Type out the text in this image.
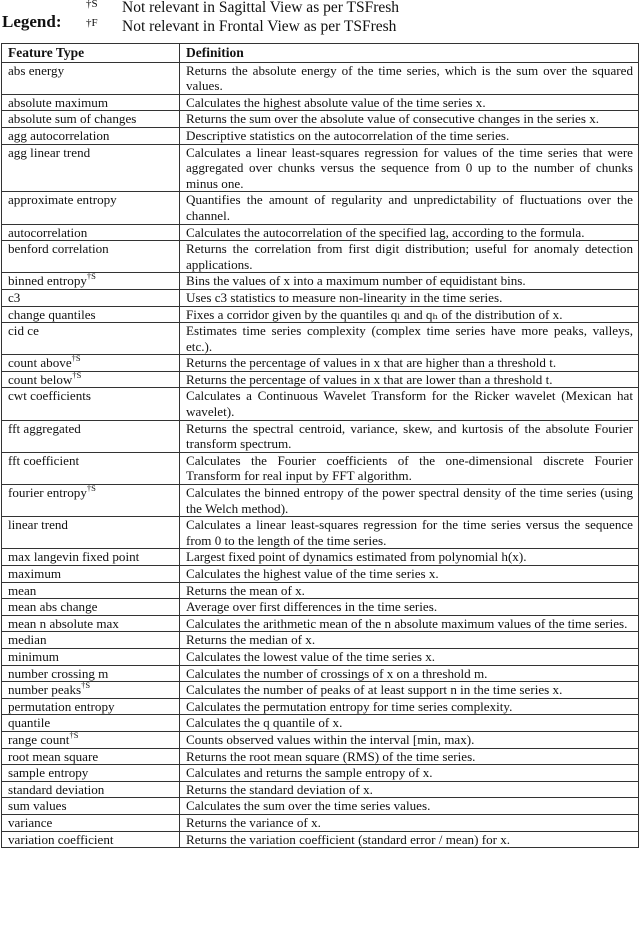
Legend:
†S Not relevant in Sagittal View as per TSFresh
†F Not relevant in Frontal View as per TSFresh
Feature Type	Definition
abs energy	Returns the absolute energy of the time series, which is the sum over the squared values.
absolute maximum	Calculates the highest absolute value of the time series x.
absolute sum of changes	Returns the sum over the absolute value of consecutive changes in the series x.
agg autocorrelation	Descriptive statistics on the autocorrelation of the time series.
agg linear trend	Calculates a linear least-squares regression for values of the time series that were aggregated over chunks versus the sequence from 0 up to the number of chunks minus one.
approximate entropy	Quantifies the amount of regularity and unpredictability of fluctuations over the channel.
autocorrelation	Calculates the autocorrelation of the specified lag, according to the formula.
benford correlation	Returns the correlation from first digit distribution; useful for anomaly detection applications.
binned entropy$^{\dagger S}$	Bins the values of x into a maximum number of equidistant bins.
c3	Uses c3 statistics to measure non-linearity in the time series.
change quantiles	Fixes a corridor given by the quantiles qₗ and qₕ of the distribution of x.
cid ce	Estimates time series complexity (complex time series have more peaks, valleys, etc.).
count above$^{\dagger S}$	Returns the percentage of values in x that are higher than a threshold t.
count below$^{\dagger S}$	Returns the percentage of values in x that are lower than a threshold t.
cwt coefficients	Calculates a Continuous Wavelet Transform for the Ricker wavelet (Mexican hat wavelet).
fft aggregated	Returns the spectral centroid, variance, skew, and kurtosis of the absolute Fourier transform spectrum.
fft coefficient	Calculates the Fourier coefficients of the one-dimensional discrete Fourier Transform for real input by FFT algorithm.
fourier entropy$^{\dagger S}$	Calculates the binned entropy of the power spectral density of the time series (using the Welch method).
linear trend	Calculates a linear least-squares regression for the time series versus the sequence from 0 to the length of the time series.
max langevin fixed point	Largest fixed point of dynamics estimated from polynomial h(x).
maximum	Calculates the highest value of the time series x.
mean	Returns the mean of x.
mean abs change	Average over first differences in the time series.
mean n absolute max	Calculates the arithmetic mean of the n absolute maximum values of the time series.
median	Returns the median of x.
minimum	Calculates the lowest value of the time series x.
number crossing m	Calculates the number of crossings of x on a threshold m.
number peaks$^{\dagger S}$	Calculates the number of peaks of at least support n in the time series x.
permutation entropy	Calculates the permutation entropy for time series complexity.
quantile	Calculates the q quantile of x.
range count$^{\dagger S}$	Counts observed values within the interval [min, max).
root mean square	Returns the root mean square (RMS) of the time series.
sample entropy	Calculates and returns the sample entropy of x.
standard deviation	Returns the standard deviation of x.
sum values	Calculates the sum over the time series values.
variance	Returns the variance of x.
variation coefficient	Returns the variation coefficient (standard error / mean) for x.
